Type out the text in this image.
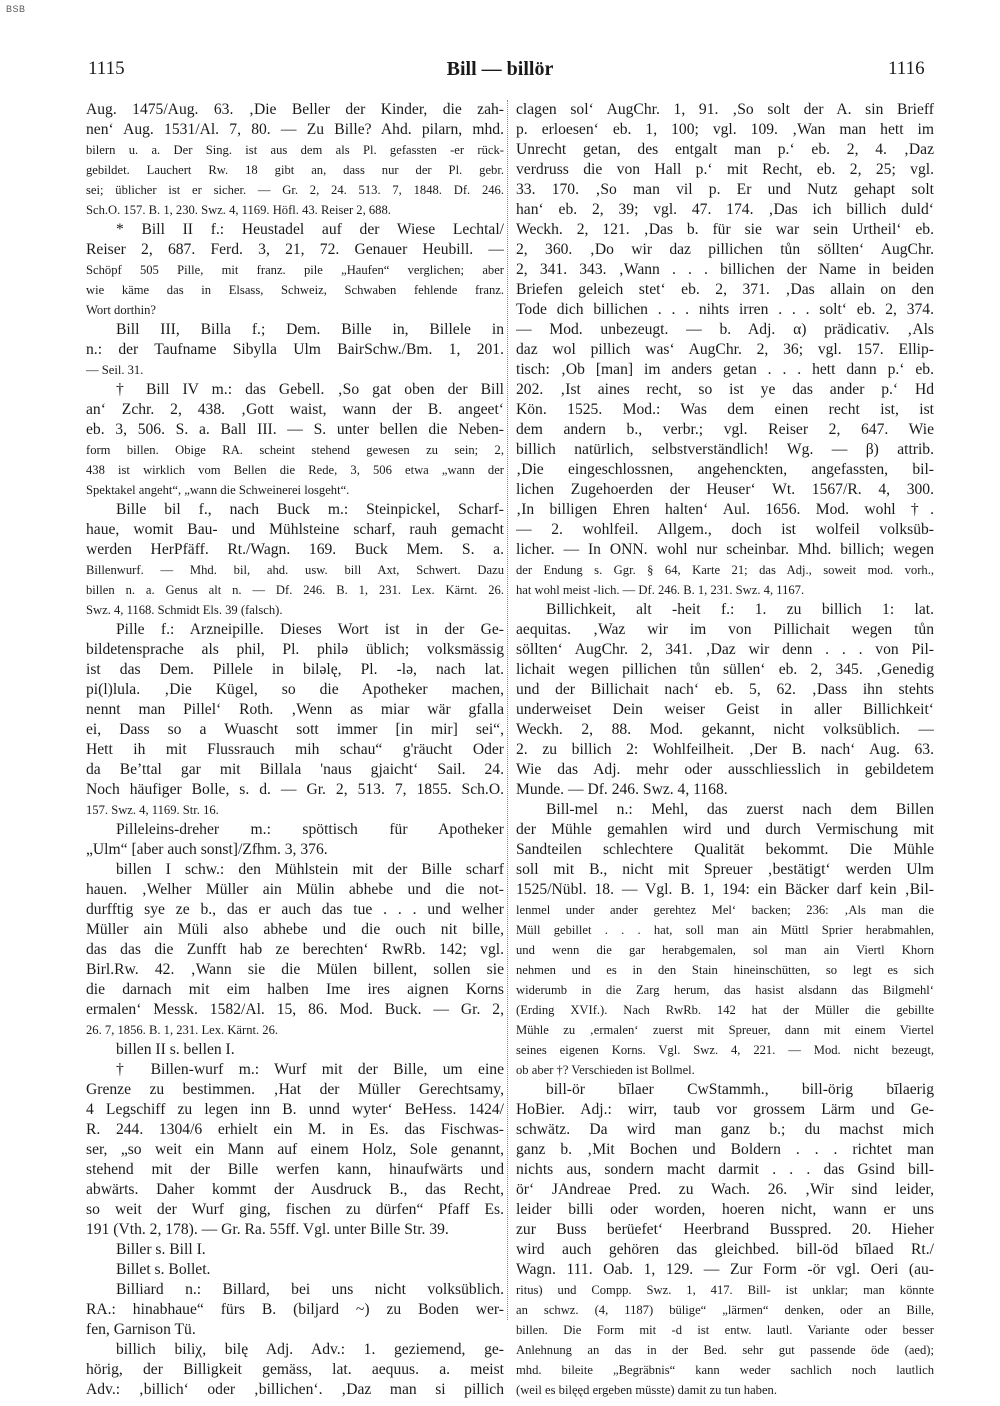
BSB
1115	Bill — billör	1116
Aug. 1475/Aug. 63. ‚Die Beller der Kinder, die zah-
nen‘ Aug. 1531/Al. 7, 80. — Zu Bille? Ahd. pilarn, mhd.
bilern u. a. Der Sing. ist aus dem als Pl. gefassten -er rück-
gebildet. Lauchert Rw. 18 gibt an, dass nur der Pl. gebr.
sei; üblicher ist er sicher. — Gr. 2, 24. 513. 7, 1848. Df. 246.
Sch.O. 157. B. 1, 230. Swz. 4, 1169. Höfl. 43. Reiser 2, 688.
* Bill II f.: Heustadel auf der Wiese Lechtal/
Reiser 2, 687. Ferd. 3, 21, 72. Genauer Heubill. —
Schöpf 505 Pille, mit franz. pile „Haufen“ verglichen; aber
wie käme das in Elsass, Schweiz, Schwaben fehlende franz.
Wort dorthin?
Bill III, Billa f.; Dem. Bille in, Billele in
n.: der Taufname Sibylla Ulm BairSchw./Bm. 1, 201.
— Seil. 31.
† Bill IV m.: das Gebell. ‚So gat oben der Bill
an‘ Zchr. 2, 438. ‚Gott waist, wann der B. angeet‘
eb. 3, 506. S. a. Ball III. — S. unter bellen die Neben-
form billen. Obige RA. scheint stehend gewesen zu sein; 2,
438 ist wirklich vom Bellen die Rede, 3, 506 etwa „wann der
Spektakel angeht“, „wann die Schweinerei losgeht“.
Bille bil f., nach Buck m.: Steinpickel, Scharf-
haue, womit Bau- und Mühlsteine scharf, rauh gemacht
werden HerPfäff. Rt./Wagn. 169. Buck Mem. S. a.
Billenwurf. — Mhd. bil, ahd. usw. bill Axt, Schwert. Dazu
billen n. a. Genus alt n. — Df. 246. B. 1, 231. Lex. Kärnt. 26.
Swz. 4, 1168. Schmidt Els. 39 (falsch).
Pille f.: Arzneipille. Dieses Wort ist in der Ge-
bildetensprache als phil, Pl. philə üblich; volksmässig
ist das Dem. Pillele in bilǝlę, Pl. -lə, nach lat.
pi(l)lula. ‚Die Kügel, so die Apotheker machen,
nennt man Pillel‘ Roth. ‚Wenn as miar wär gfalla
ei, Dass so a Wuascht sott immer [in mir] sei“,
Hett ih mit Flussrauch mih schau“ g'räucht Oder
da Be’ttal gar mit Billala 'naus gjaicht‘ Sail. 24.
Noch häufiger Bolle, s. d. — Gr. 2, 513. 7, 1855. Sch.O.
157. Swz. 4, 1169. Str. 16.
Pilleleins-dreher m.: spöttisch für Apotheker
„Ulm“ [aber auch sonst]/Zfhm. 3, 376.
billen I schw.: den Mühlstein mit der Bille scharf
hauen. ‚Welher Müller ain Mülin abhebe und die not-
durfftig sye ze b., das er auch das tue . . . und welher
Müller ain Müli also abhebe und die ouch nit bille,
das das die Zunfft hab ze berechten‘ RwRb. 142; vgl.
Birl.Rw. 42. ‚Wann sie die Mülen billent, sollen sie
die darnach mit eim halben Ime ires aignen Korns
ermalen‘ Messk. 1582/Al. 15, 86. Mod. Buck. — Gr. 2,
26. 7, 1856. B. 1, 231. Lex. Kärnt. 26.
billen II s. bellen I.
† Billen-wurf m.: Wurf mit der Bille, um eine
Grenze zu bestimmen. ‚Hat der Müller Gerechtsamy,
4 Legschiff zu legen inn B. unnd wyter‘ BeHess. 1424/
R. 244. 1304/6 erhielt ein M. in Es. das Fischwas-
ser, „so weit ein Mann auf einem Holz, Sole genannt,
stehend mit der Bille werfen kann, hinaufwärts und
abwärts. Daher kommt der Ausdruck B., das Recht,
so weit der Wurf ging, fischen zu dürfen“ Pfaff Es.
191 (Vth. 2, 178). — Gr. Ra. 55ff. Vgl. unter Bille Str. 39.
Biller s. Bill I.
Billet s. Bollet.
Billiard n.: Billard, bei uns nicht volksüblich.
RA.: hinabhaue“ fürs B. (biljard ~) zu Boden wer-
fen, Garnison Tü.
billich biliχ, bilę Adj. Adv.: 1. geziemend, ge-
hörig, der Billigkeit gemäss, lat. aequus. a. meist
Adv.: ‚billich‘ oder ‚billichen‘. ‚Daz man si pillich
clagen sol‘ AugChr. 1, 91. ‚So solt der A. sin Brieff
p. erloesen‘ eb. 1, 100; vgl. 109. ‚Wan man hett im
Unrecht getan, des entgalt man p.‘ eb. 2, 4. ‚Daz
verdruss die von Hall p.‘ mit Recht, eb. 2, 25; vgl.
33. 170. ‚So man vil p. Er und Nutz gehapt solt
han‘ eb. 2, 39; vgl. 47. 174. ‚Das ich billich duld‘
Weckh. 2, 121. ‚Das b. für sie war sein Urtheil‘ eb.
2, 360. ‚Do wir daz pillichen tůn söllten‘ AugChr.
2, 341. 343. ‚Wann . . . billichen der Name in beiden
Briefen geleich stet‘ eb. 2, 371. ‚Das allain on den
Tode dich billichen . . . nihts irren . . . solt‘ eb. 2, 374.
— Mod. unbezeugt. — b. Adj. α) prädicativ. ‚Als
daz wol pillich was‘ AugChr. 2, 36; vgl. 157. Ellip-
tisch: ‚Ob [man] im anders getan . . . hett dann p.‘ eb.
202. ‚Ist aines recht, so ist ye das ander p.‘ Hd
Kön. 1525. Mod.: Was dem einen recht ist, ist
dem andern b., verbr.; vgl. Reiser 2, 647. Wie
billich natürlich, selbstverständlich! Wg. — β) attrib.
‚Die eingeschlossnen, angehenckten, angefassten, bil-
lichen Zugehoerden der Heuser‘ Wt. 1567/R. 4, 300.
‚In billigen Ehren halten‘ Aul. 1656. Mod. wohl †.
— 2. wohlfeil. Allgem., doch ist wolfeil volksüb-
licher. — In ONN. wohl nur scheinbar. Mhd. billich; wegen
der Endung s. Ggr. § 64, Karte 21; das Adj., soweit mod. vorh.,
hat wohl meist -lich. — Df. 246. B. 1, 231. Swz. 4, 1167.
Billichkeit, alt -heit f.: 1. zu billich 1: lat.
aequitas. ‚Waz wir im von Pillichait wegen tůn
söllten‘ AugChr. 2, 341. ‚Daz wir denn . . . von Pil-
lichait wegen pillichen tůn süllen‘ eb. 2, 345. ‚Genedig
und der Billichait nach‘ eb. 5, 62. ‚Dass ihn stehts
underweiset Dein weiser Geist in aller Billichkeit‘
Weckh. 2, 88. Mod. gekannt, nicht volksüblich. —
2. zu billich 2: Wohlfeilheit. ‚Der B. nach‘ Aug. 63.
Wie das Adj. mehr oder ausschliesslich in gebildetem
Munde. — Df. 246. Swz. 4, 1168.
Bill-mel n.: Mehl, das zuerst nach dem Billen
der Mühle gemahlen wird und durch Vermischung mit
Sandteilen schlechtere Qualität bekommt. Die Mühle
soll mit B., nicht mit Spreuer ‚bestätigt‘ werden Ulm
1525/Nübl. 18. — Vgl. B. 1, 194: ein Bäcker darf kein ‚Bil-
lenmel under ander gerehtez Mel‘ backen; 236: ‚Als man die
Müll gebillet . . . hat, soll man ain Müttl Sprier herabmahlen,
und wenn die gar herabgemalen, sol man ain Viertl Khorn
nehmen und es in den Stain hineinschütten, so legt es sich
widerumb in die Zarg herum, das hasist alsdann das Bilgmehl‘
(Erding XVIf.). Nach RwRb. 142 hat der Müller die gebillte
Mühle zu ‚ermalen‘ zuerst mit Spreuer, dann mit einem Viertel
seines eigenen Korns. Vgl. Swz. 4, 221. — Mod. nicht bezeugt,
ob aber †? Verschieden ist Bollmel.
bill-ör bīlaer CwStammh., bill-örig bīlaerig
HoBier. Adj.: wirr, taub vor grossem Lärm und Ge-
schwätz. Da wird man ganz b.; du machst mich
ganz b. ‚Mit Bochen und Boldern . . . richtet man
nichts aus, sondern macht darmit . . . das Gsind bill-
ör‘ JAndreae Pred. zu Wach. 26. ‚Wir sind leider,
leider billi oder worden, hoeren nicht, wann er uns
zur Buss berüefet‘ Heerbrand Busspred. 20. Hieher
wird auch gehören das gleichbed. bill-öd bīlaed Rt./
Wagn. 111. Oab. 1, 129. — Zur Form -ör vgl. Oeri (au-
ritus) und Compp. Swz. 1, 417. Bill- ist unklar; man könnte
an schwz. (4, 1187) bülige“ „lärmen“ denken, oder an Bille,
billen. Die Form mit -d ist entw. lautl. Variante oder besser
Anlehnung an das in der Bed. sehr gut passende öde (aed);
mhd. bileite „Begräbnis“ kann weder sachlich noch lautlich
(weil es bilęęd ergeben müsste) damit zu tun haben.
